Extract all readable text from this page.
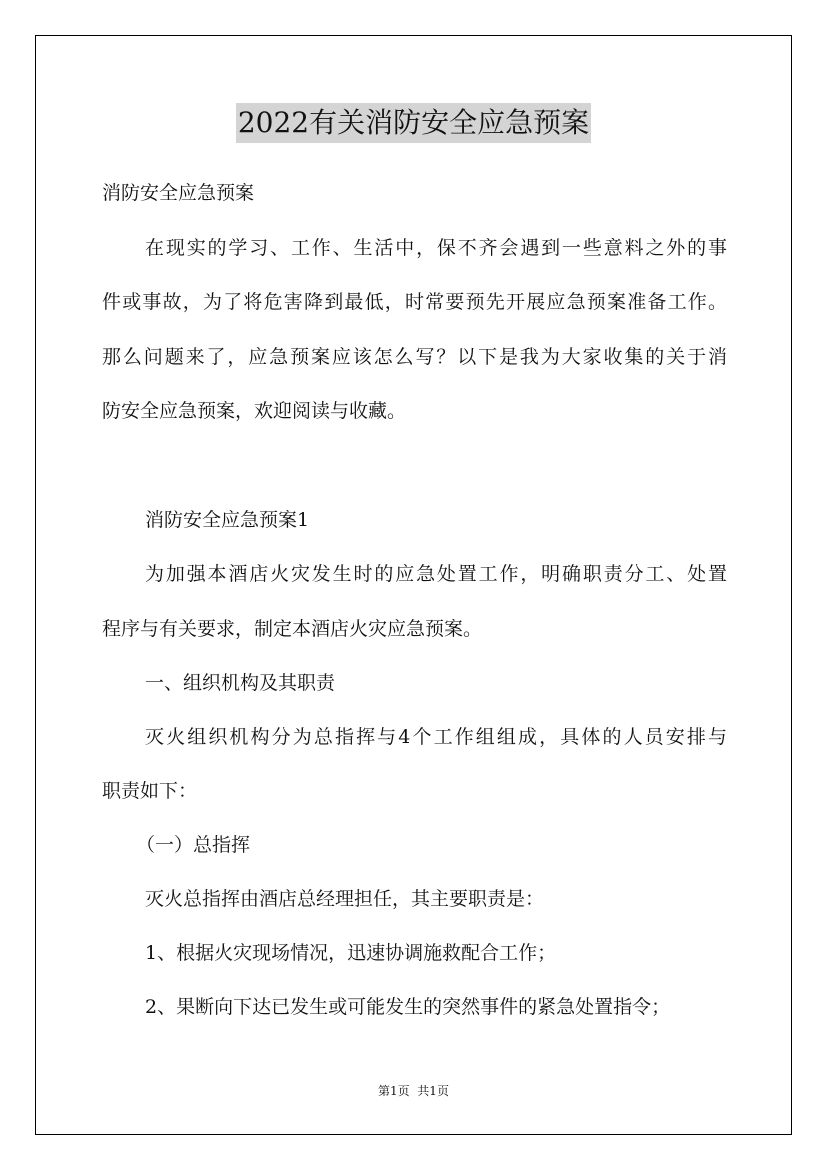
2022有关消防安全应急预案
消防安全应急预案
在现实的学习、工作、生活中，保不齐会遇到一些意料之外的事
件或事故，为了将危害降到最低，时常要预先开展应急预案准备工作。
那么问题来了，应急预案应该怎么写？以下是我为大家收集的关于消
防安全应急预案，欢迎阅读与收藏。
消防安全应急预案1
为加强本酒店火灾发生时的应急处置工作，明确职责分工、处置
程序与有关要求，制定本酒店火灾应急预案。
一、组织机构及其职责
灭火组织机构分为总指挥与4个工作组组成，具体的人员安排与
职责如下：
（一）总指挥
灭火总指挥由酒店总经理担任，其主要职责是：
1、根据火灾现场情况，迅速协调施救配合工作；
2、果断向下达已发生或可能发生的突然事件的紧急处置指令；
第1页  共1页
